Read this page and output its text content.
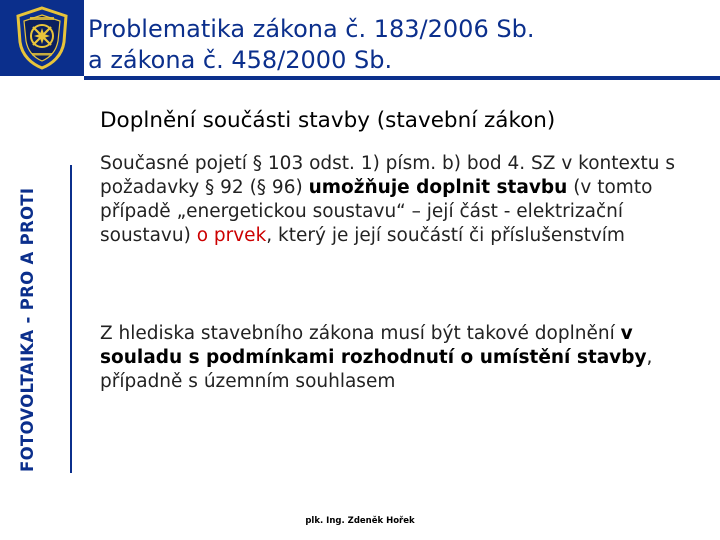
Problematika zákona č. 183/2006 Sb.
a zákona č. 458/2000 Sb.
FOTOVOLTAIKA - PRO A PROTI
Doplnění součásti stavby (stavební zákon)
Současné pojetí § 103 odst. 1) písm. b) bod 4. SZ v kontextu s požadavky § 92 (§ 96) umožňuje doplnit stavbu (v tomto případě „energetickou soustavu“ – její část - elektrizační soustavu) o prvek, který je její součástí či příslušenstvím
Z hlediska stavebního zákona musí být takové doplnění v souladu s podmínkami rozhodnutí o umístění stavby, případně s územním souhlasem
plk. Ing. Zdeněk Hořek
